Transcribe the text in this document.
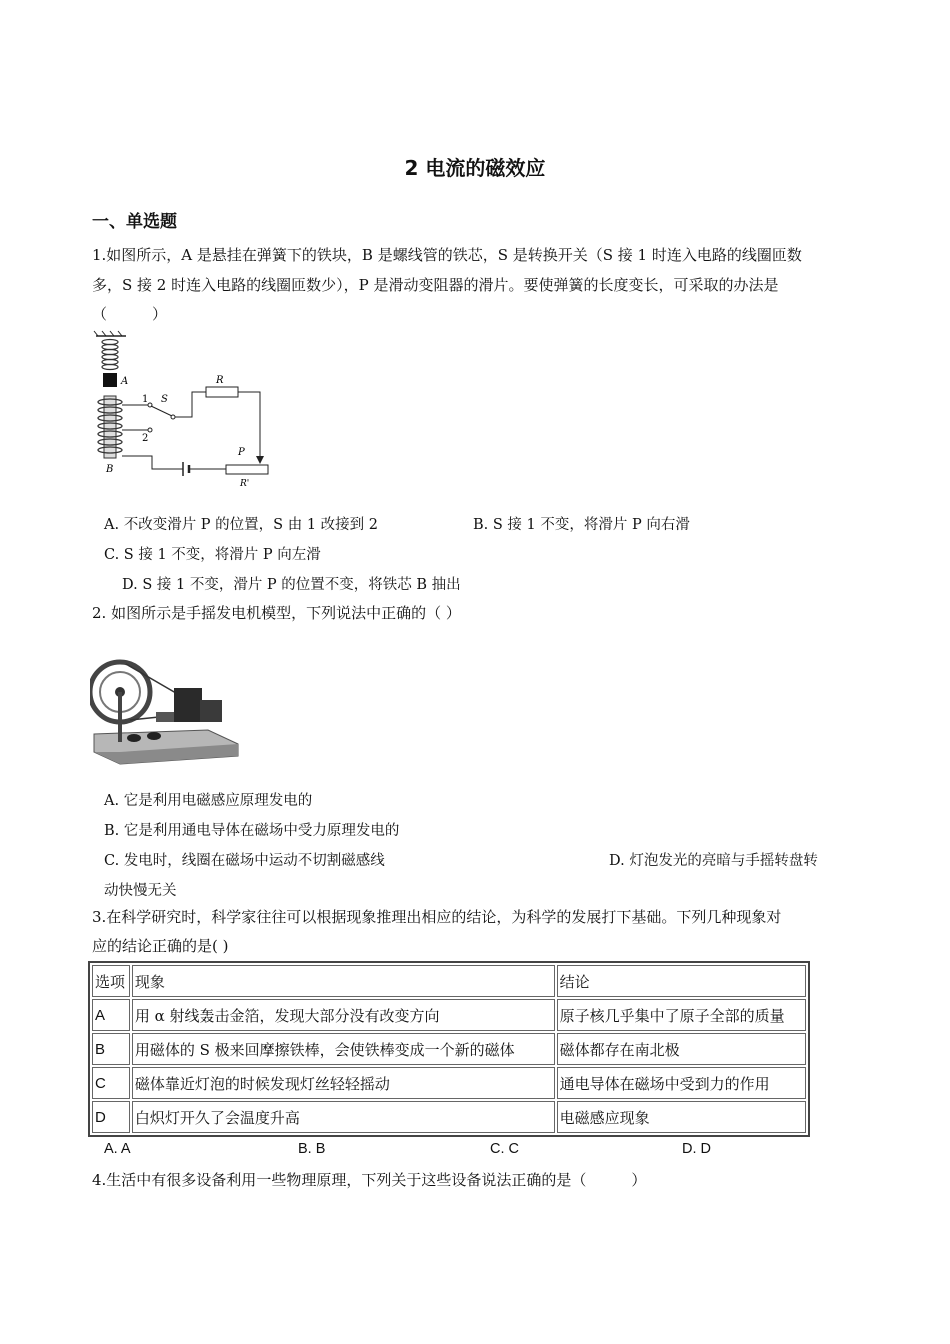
2 电流的磁效应
一、单选题
1.如图所示，A 是悬挂在弹簧下的铁块，B 是螺线管的铁芯，S 是转换开关（S 接 1 时连入电路的线圈匝数
多，S 接 2 时连入电路的线圈匝数少），P 是滑动变阻器的滑片。要使弹簧的长度变长，可采取的办法是
（　　　）
A
B
1
2
S
R
P
R'
A. 不改变滑片 P 的位置，S 由 1 改接到 2	B. S 接 1 不变，将滑片 P 向右滑
C. S 接 1 不变，将滑片 P 向左滑
D. S 接 1 不变，滑片 P 的位置不变，将铁芯 B 抽出
2. 如图所示是手摇发电机模型，下列说法中正确的（ ）
A. 它是利用电磁感应原理发电的
B. 它是利用通电导体在磁场中受力原理发电的
C. 发电时，线圈在磁场中运动不切割磁感线	D. 灯泡发光的亮暗与手摇转盘转
动快慢无关
3.在科学研究时，科学家往往可以根据现象推理出相应的结论，为科学的发展打下基础。下列几种现象对
应的结论正确的是( )
选项	现象	结论
A	用 α 射线轰击金箔，发现大部分没有改变方向	原子核几乎集中了原子全部的质量
B	用磁体的 S 极来回摩擦铁棒，会使铁棒变成一个新的磁体	磁体都存在南北极
C	磁体靠近灯泡的时候发现灯丝轻轻摇动	通电导体在磁场中受到力的作用
D	白炽灯开久了会温度升高	电磁感应现象
A. A	B. B	C. C	D. D
4.生活中有很多设备利用一些物理原理，下列关于这些设备说法正确的是（　　　）
